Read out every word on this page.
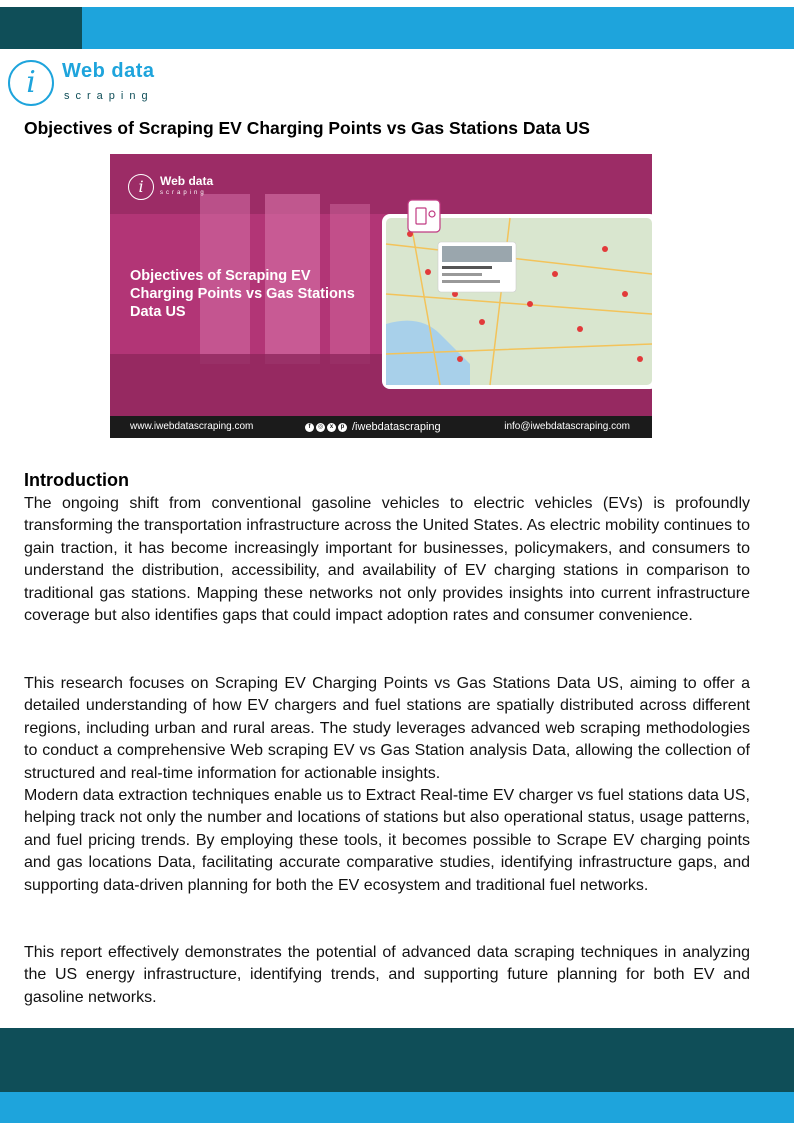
i	Web data
scraping
Objectives of Scraping EV Charging Points vs Gas Stations Data US
i	Web data
scraping
Objectives of Scraping EV Charging Points vs Gas Stations Data US
www.iwebdatascraping.com	f	◎	x	p /iwebdatascraping	info@iwebdatascraping.com
Introduction

The ongoing shift from conventional gasoline vehicles to electric vehicles (EVs) is profoundly transforming the transportation infrastructure across the United States. As electric mobility continues to gain traction, it has become increasingly important for businesses, policymakers, and consumers to understand the distribution, accessibility, and availability of EV charging stations in comparison to traditional gas stations. Mapping these networks not only provides insights into current infrastructure coverage but also identifies gaps that could impact adoption rates and consumer convenience.

This research focuses on Scraping EV Charging Points vs Gas Stations Data US, aiming to offer a detailed understanding of how EV chargers and fuel stations are spatially distributed across different regions, including urban and rural areas. The study leverages advanced web scraping methodologies to conduct a comprehensive Web scraping EV vs Gas Station analysis Data, allowing the collection of structured and real-time information for actionable insights.

Modern data extraction techniques enable us to Extract Real-time EV charger vs fuel stations data US, helping track not only the number and locations of stations but also operational status, usage patterns, and fuel pricing trends. By employing these tools, it becomes possible to Scrape EV charging points and gas locations Data, facilitating accurate comparative studies, identifying infrastructure gaps, and supporting data-driven planning for both the EV ecosystem and traditional fuel networks.

This report effectively demonstrates the potential of advanced data scraping techniques in analyzing the US energy infrastructure, identifying trends, and supporting future planning for both EV and gasoline networks.
